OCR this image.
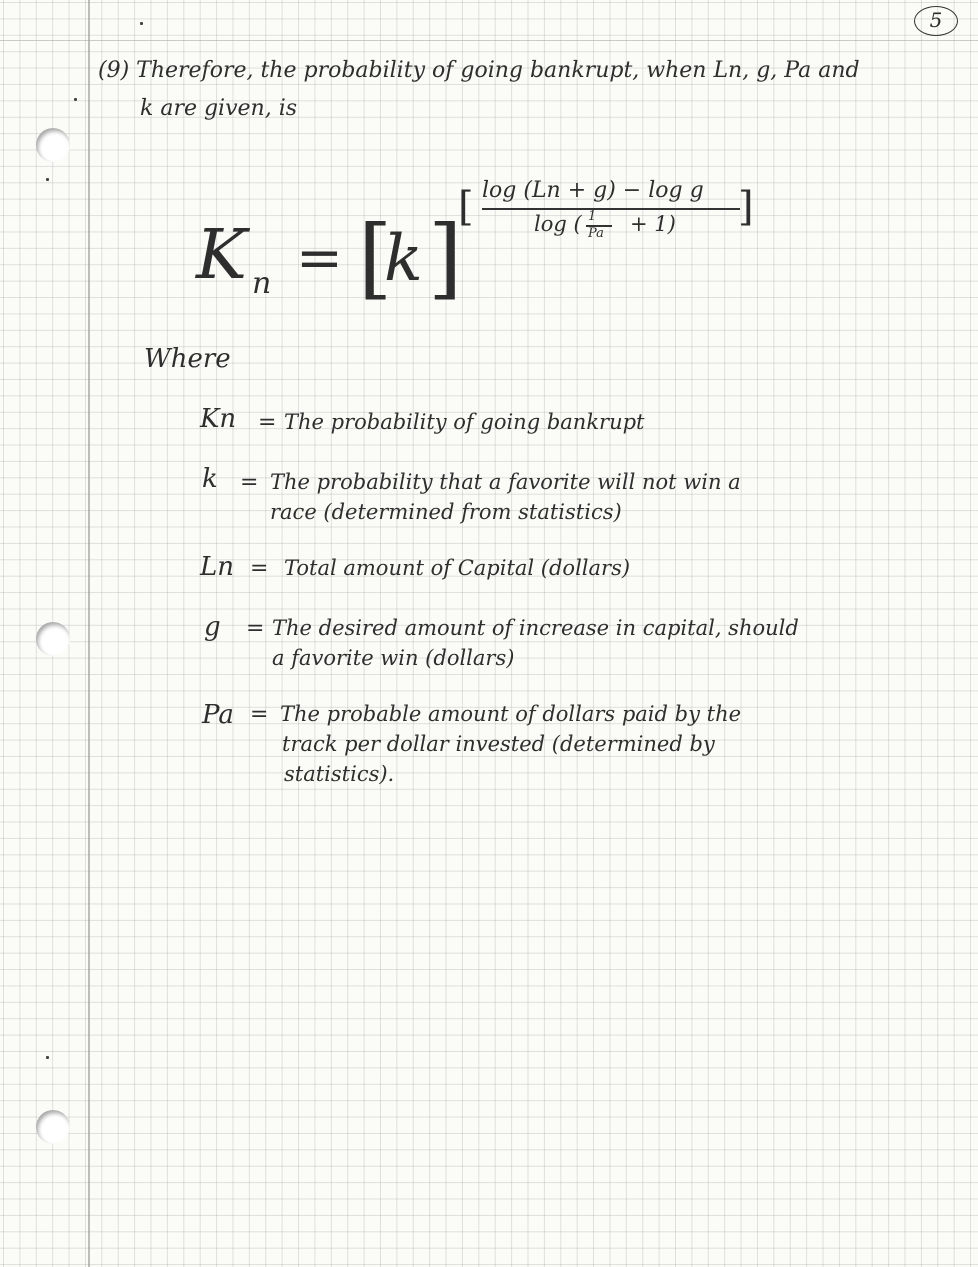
5
(9) Therefore, the probability of going bankrupt, when Ln, g, Pa and
k are given, is
K n = [
k ]
[ log (Ln + g) − log g
log ( 1
Pa + 1) ]
Where
Kn = The probability of going bankrupt
k = The probability that a favorite will not win a
race (determined from statistics)
Ln = Total amount of Capital (dollars)
g = The desired amount of increase in capital, should
a favorite win (dollars)
Pa = The probable amount of dollars paid by the
track per dollar invested (determined by
statistics).
